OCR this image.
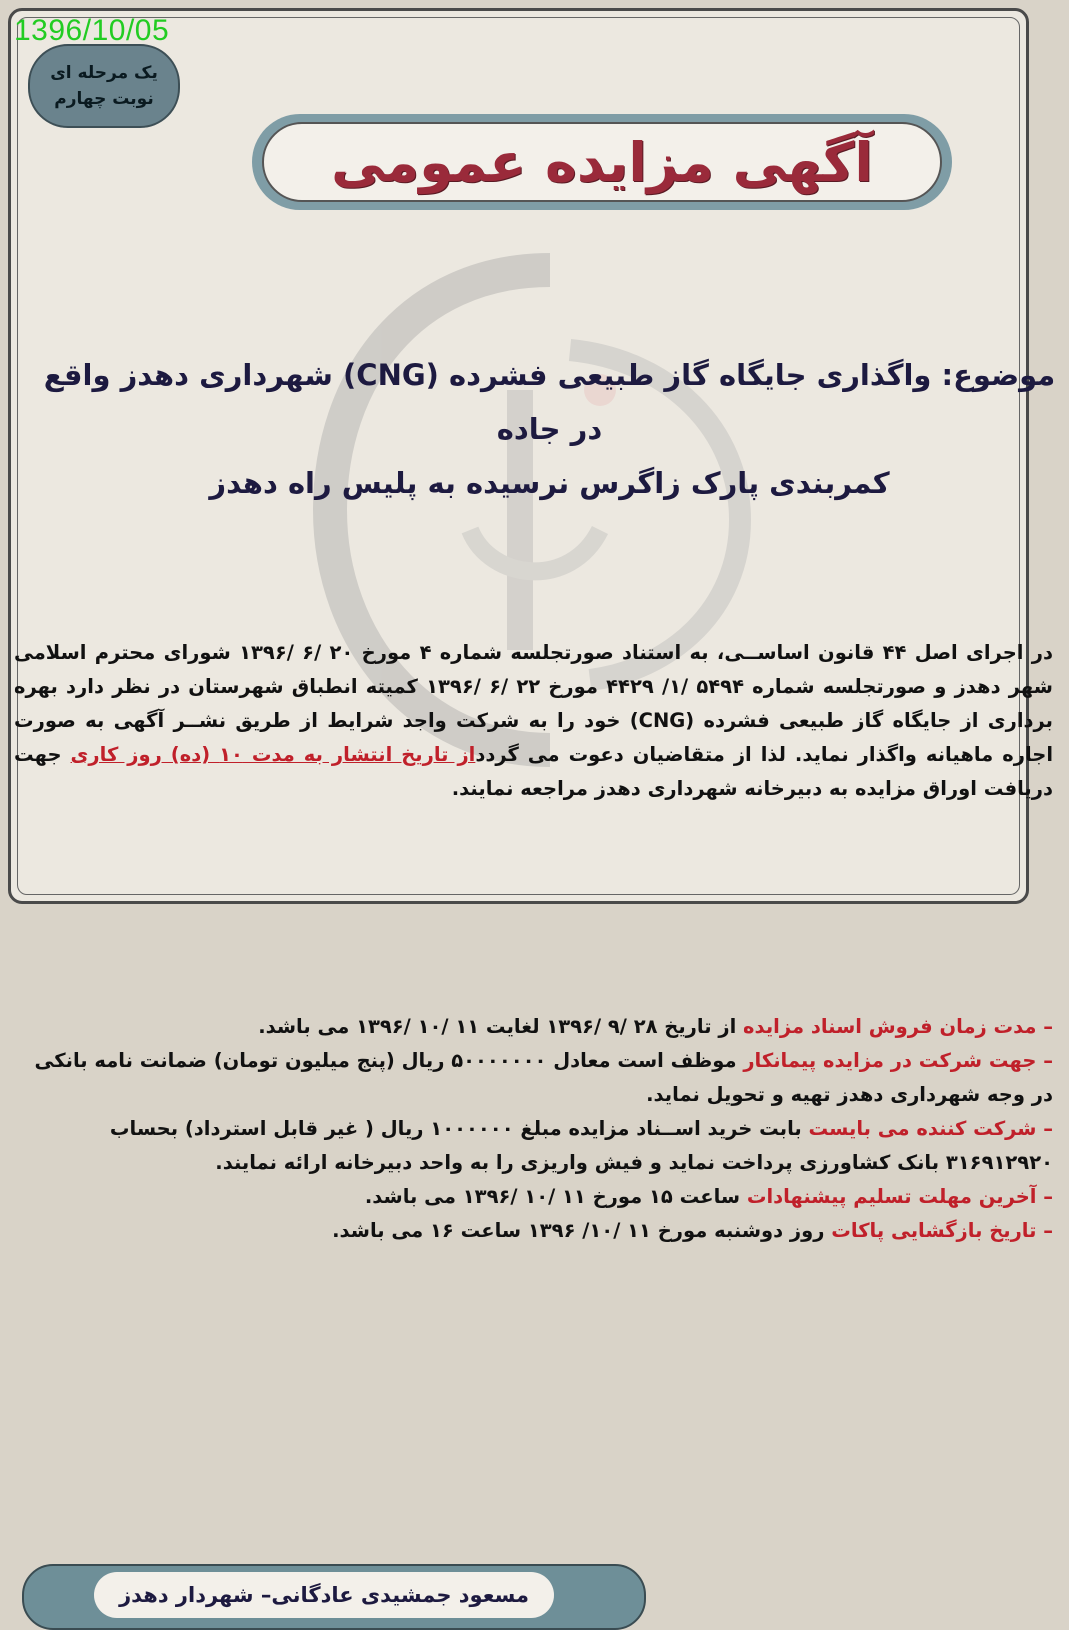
1396/10/05
یک مرحله ای
نوبت چهارم
آگهی مزایده عمومی
موضوع: واگذاری جایگاه گاز طبیعی فشرده (CNG) شهرداری دهدز واقع در جاده
کمربندی پارک زاگرس نرسیده به پلیس راه دهدز
در اجرای اصل ۴۴ قانون اساســی، به استناد صورتجلسه شماره ۴ مورخ ۲۰ /۶ /۱۳۹۶ شورای محترم اسلامی شهر دهدز و صورتجلسه شماره ۵۴۹۴ /۱/ ۴۴۲۹ مورخ ۲۲ /۶ /۱۳۹۶ کمیته انطباق شهرستان در نظر دارد بهره برداری از جایگاه گاز طبیعی فشرده (CNG) خود را به شرکت واجد شرایط از طریق نشــر آگهی به صورت اجاره ماهیانه واگذار نماید. لذا از متقاضیان دعوت می گردداز تاریخ انتشار به مدت ۱۰ (ده) روز کاری جهت دریافت اوراق مزایده به دبیرخانه شهرداری دهدز مراجعه نمایند.
– مدت زمان فروش اسناد مزایده از تاریخ ۲۸ /۹ /۱۳۹۶ لغایت ۱۱ /۱۰ /۱۳۹۶ می باشد.
– جهت شرکت در مزایده پیمانکار موظف است معادل ۵۰۰۰۰۰۰۰ ریال (پنج میلیون تومان) ضمانت نامه بانکی در وجه شهرداری دهدز تهیه و تحویل نماید.
– شرکت کننده می بایست بابت خرید اســناد مزایده مبلغ ۱۰۰۰۰۰۰ ریال ( غیر قابل استرداد) بحساب ۳۱۶۹۱۲۹۲۰ بانک کشاورزی پرداخت نماید و فیش واریزی را به واحد دبیرخانه ارائه نمایند.
– آخرین مهلت تسلیم پیشنهادات ساعت ۱۵ مورخ ۱۱ /۱۰ /۱۳۹۶ می باشد.
– تاریخ بازگشایی پاکات روز دوشنبه مورخ ۱۱ /۱۰/ ۱۳۹۶ ساعت ۱۶ می باشد.
مسعود جمشیدی عادگانی– شهردار دهدز
